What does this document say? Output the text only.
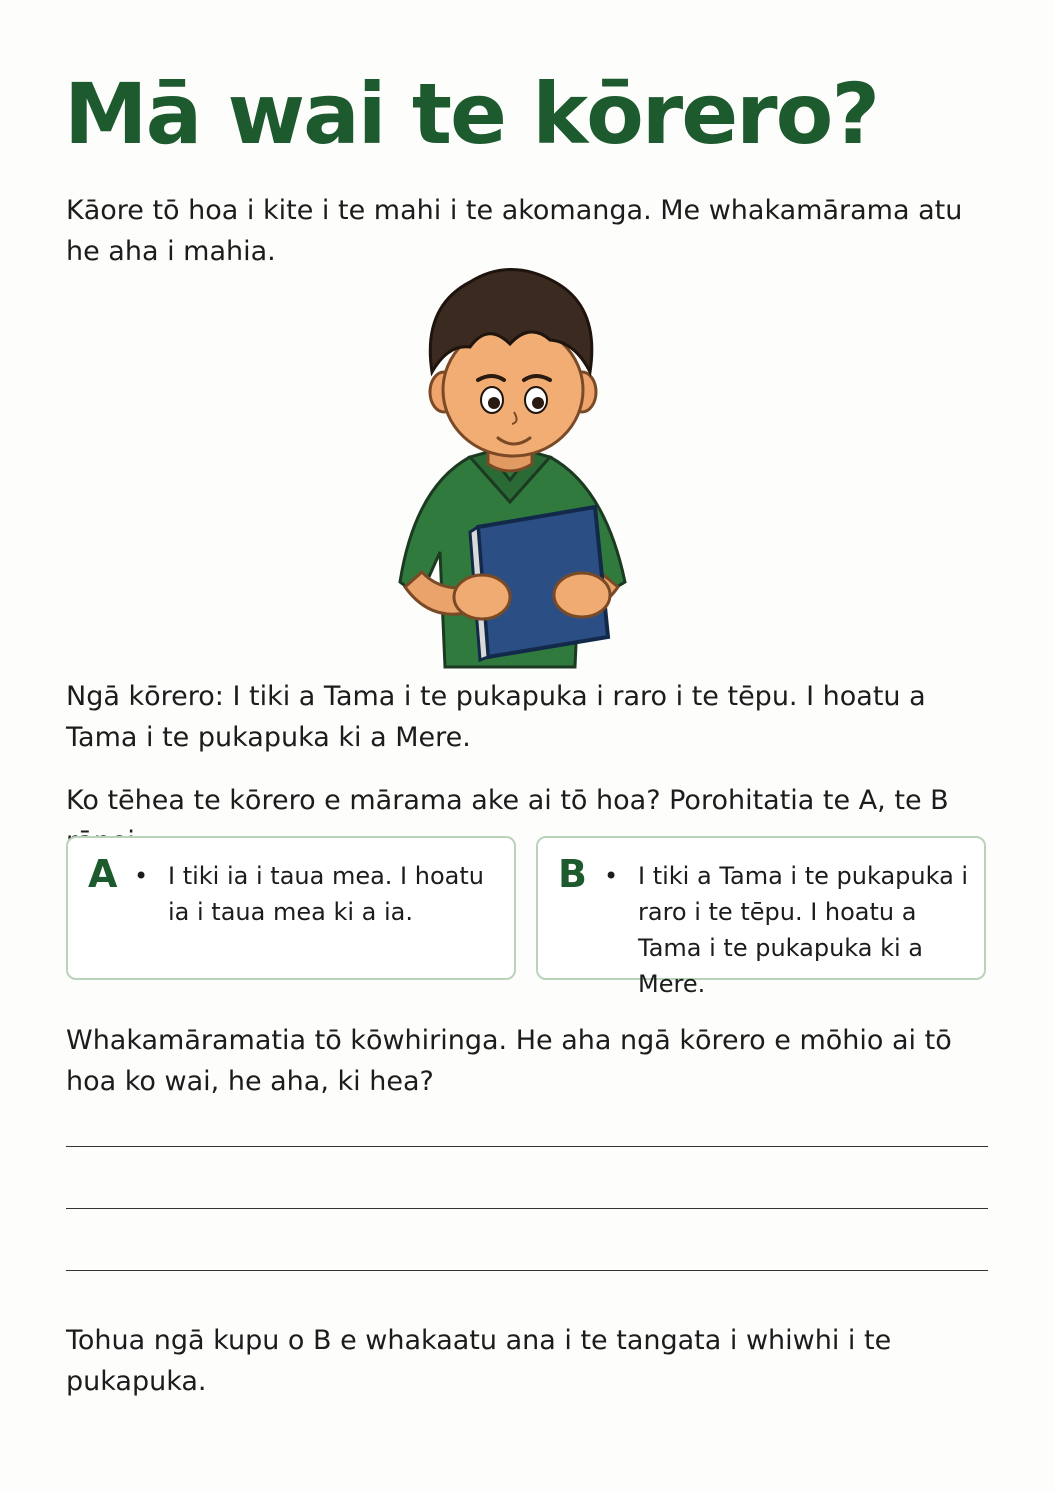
Mā wai te kōrero?

Kāore tō hoa i kite i te mahi i te akomanga. Me whakamārama atu he aha i mahia.

Ngā kōrero: I tiki a Tama i te pukapuka i raro i te tēpu. I hoatu a Tama i te pukapuka ki a Mere.

Ko tēhea te kōrero e mārama ake ai tō hoa? Porohitatia te A, te B

A • I tiki ia i taua mea. I hoatu ia i taua mea ki a ia.
B • I tiki a Tama i te pukapuka i raro i te tēpu. I hoatu a Tama i te pukapuka ki a Mere.

Whakamāramatia tō kōwhiringa. He aha ngā kōrero e mōhio ai tō hoa ko wai, he aha, ki hea?

Tohua ngā kupu o B e whakaatu ana i te tangata i whiwhi i te pukapuka.
